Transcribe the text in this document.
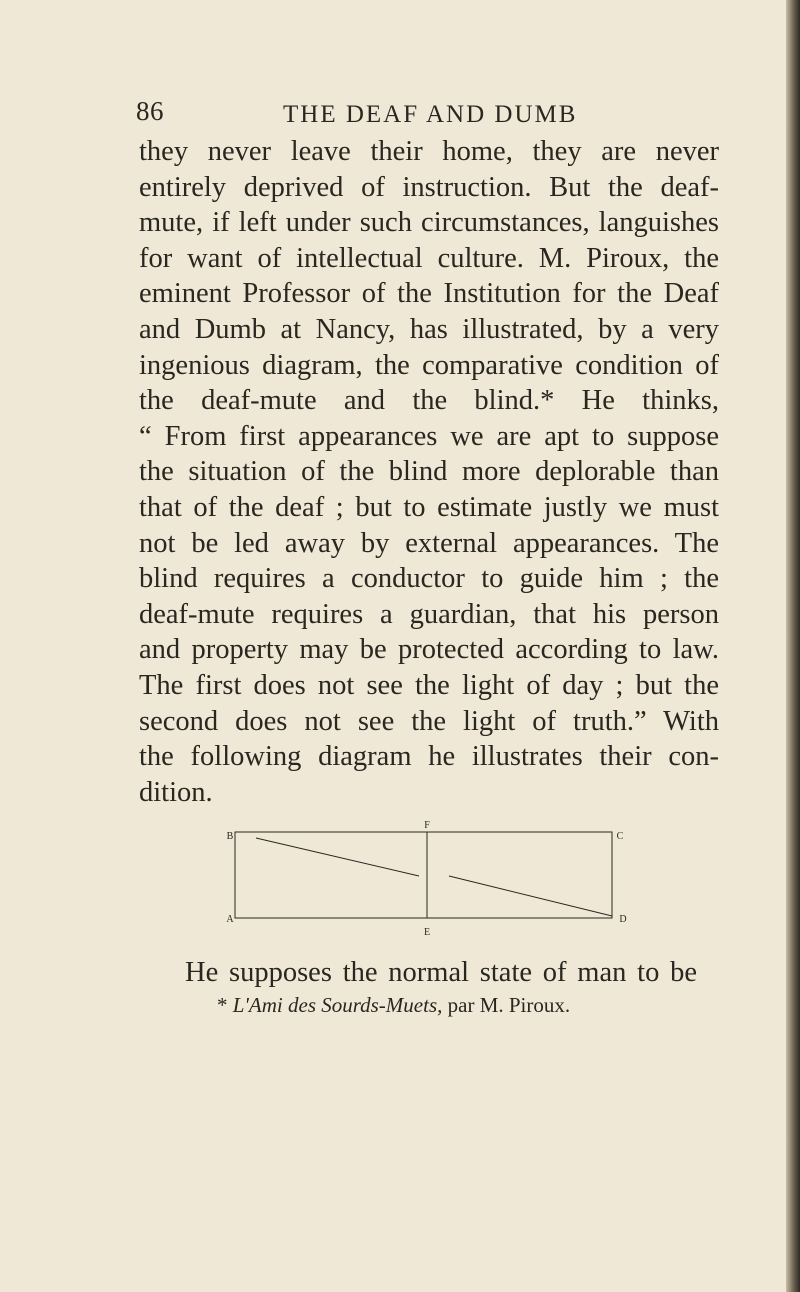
86	THE DEAF AND DUMB

they never leave their home, they are never
entirely deprived of instruction. But the deaf-
mute, if left under such circumstances, languishes
for want of intellectual culture. M. Piroux, the
eminent Professor of the Institution for the Deaf
and Dumb at Nancy, has illustrated, by a very
ingenious diagram, the comparative condition of
the deaf-mute and the blind.* He thinks,
“ From first appearances we are apt to suppose
the situation of the blind more deplorable than
that of the deaf ; but to estimate justly we must
not be led away by external appearances. The
blind requires a conductor to guide him ; the
deaf-mute requires a guardian, that his person
and property may be protected according to law.
The first does not see the light of day ; but the
second does not see the light of truth.” With
the following diagram he illustrates their con-
dition.

F
B	C
A	D
E
He supposes the normal state of man to be
* L'Ami des Sourds-Muets, par M. Piroux.
